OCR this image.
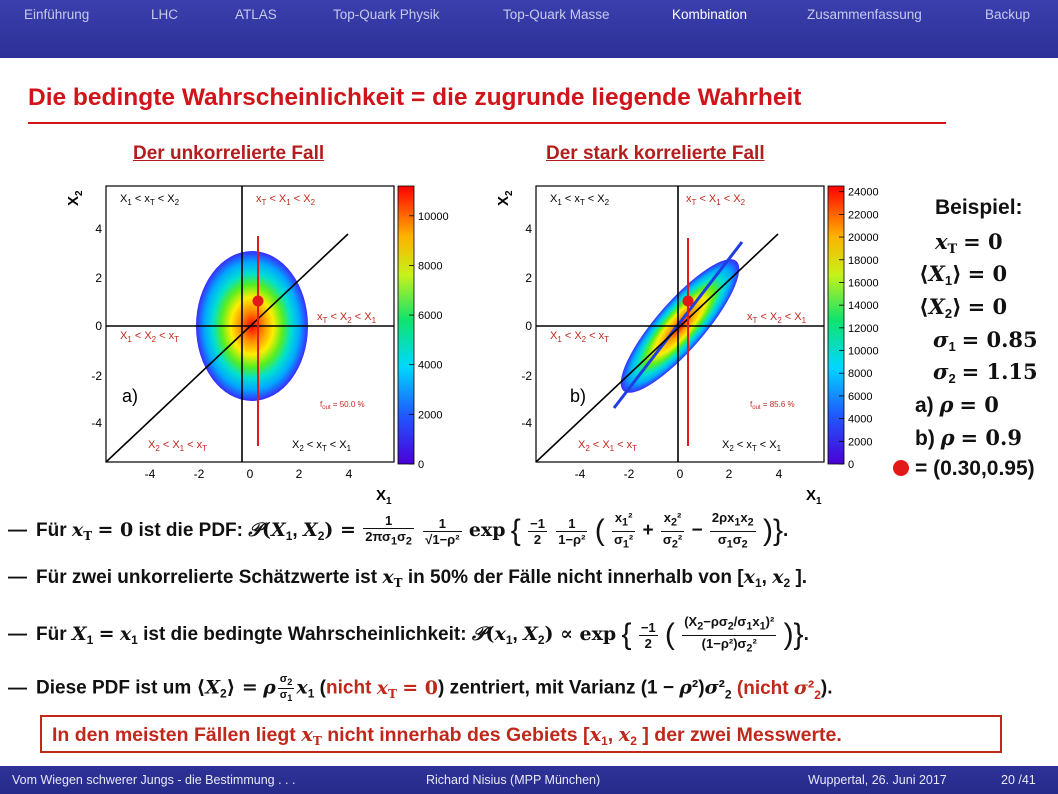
Einführung	LHC	ATLAS	Top-Quark Physik	Top-Quark Masse	Kombination	Zusammenfassung	Backup
Die bedingte Wahrscheinlichkeit = die zugrunde liegende Wahrheit
Der unkorrelierte Fall	Der stark korrelierte Fall
$X_1 < x_T < X_2$	$x_T < X_1 < X_2$
$x_T < X_2 < X_1$
$X_1 < X_2 < x_T$
$X_2 < X_1 < x_T$	$X_2 < x_T < X_1$
a)	$f_{out} = 50.0$ %
-4	-2	0	2	4
4
2
0
-2
-4
$X_1$
$X_2$
0
2000
4000
6000
8000
10000
$X_1 < x_T < X_2$	$x_T < X_1 < X_2$
$x_T < X_2 < X_1$
$X_1 < X_2 < x_T$
$X_2 < X_1 < x_T$	$X_2 < x_T < X_1$
b)	$f_{out} = 85.6$ %
-4	-2	0	2	4
4
2
0
-2
-4
$X_1$
$X_2$
0
2000
4000
6000
8000
10000
12000
14000
16000
18000
20000
22000
24000
Beispiel:
xT = 0
⟨X1⟩ = 0
⟨X2⟩ = 0
σ1 = 0.85
σ2 = 1.15
a) ρ = 0
b) ρ = 0.9
= (0.30,0.95)
— Für $x_T = 0$ ist die PDF: $𝒫(X_1$, $X_2) = \frac{1}{2\pi\sigma_1\sigma_2}$
$\frac{1}{\text{√1−ρ²}}$ exp { $\frac{-1}{2}$
$\frac{1}{\text{1−ρ²}}$ ( $\frac{x_1^2}{\sigma_1^2} + \frac{x_2^2}{\sigma_2^2} - \frac{2\rho x_1x_2}{\sigma_1\sigma_2}$ )}.
— Für zwei unkorrelierte Schätzwerte ist $x_T$ in 50% der Fälle nicht innerhalb von [$x_1$, $x_2$ ].
— Für $X_1 = x_1$ ist die bedingte Wahrscheinlichkeit: $𝒫(x_1$, $X_2) \propto \exp$ { $\frac{-1}{2}$ ( $\frac{(X_2-\rho\sigma_2/\sigma_1x_1)^2}{(1-\rho^2)\sigma_2^2}$ )}.
— Diese PDF ist um $⟨X_2⟩ = \rho \frac{\sigma_2}{\sigma_1} x_1$ (nicht $x_T = 0$) zentriert, mit Varianz $(1 - \rho^2)\sigma^2_2$ (nicht $\sigma^2_2$).
In den meisten Fällen liegt $x_T$ nicht innerhab des Gebiets [$x_1$, $x_2$ ] der zwei Messwerte.
Vom Wiegen schwerer Jungs - die Bestimmung . . .	Richard Nisius (MPP München)	Wuppertal, 26. Juni 2017	20 /41
